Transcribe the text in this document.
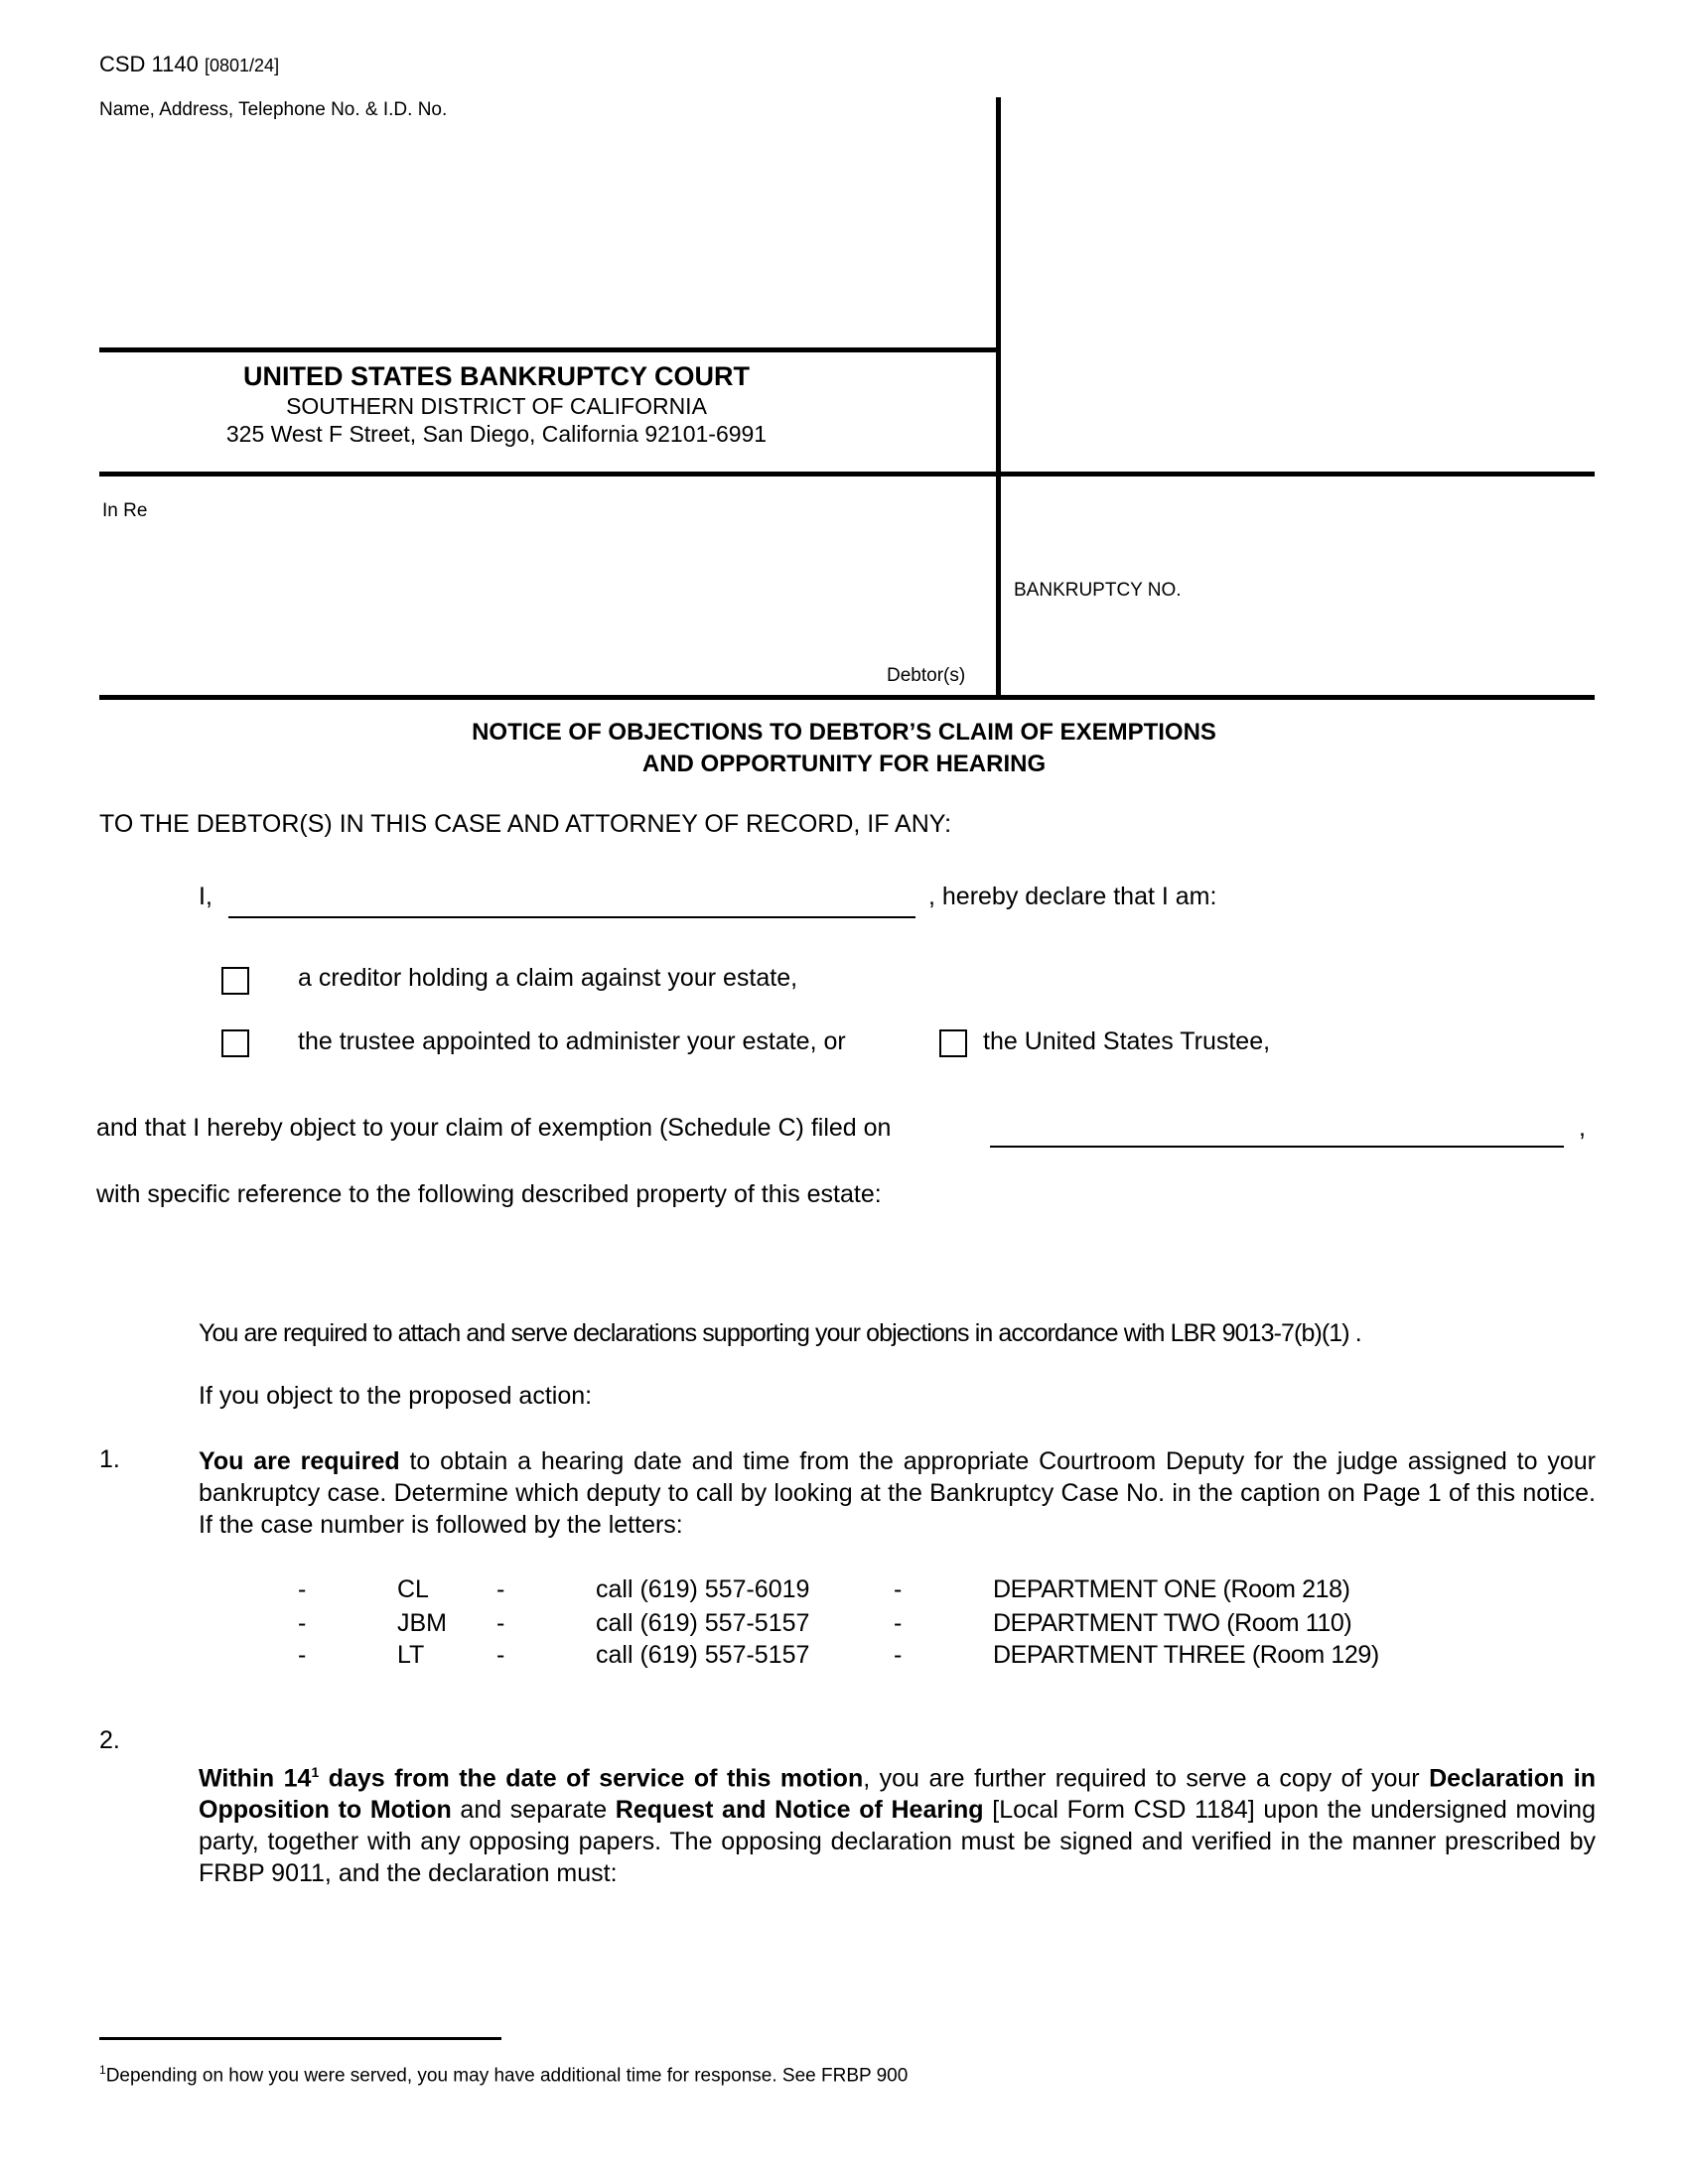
CSD 1140 [0801/24]
Name, Address, Telephone No. & I.D. No.
UNITED STATES BANKRUPTCY COURT
SOUTHERN DISTRICT OF CALIFORNIA
325 West F Street, San Diego, California 92101-6991
In Re
Debtor(s)
BANKRUPTCY NO.
NOTICE OF OBJECTIONS TO DEBTOR’S CLAIM OF EXEMPTIONS
AND OPPORTUNITY FOR HEARING
TO THE DEBTOR(S) IN THIS CASE AND ATTORNEY OF RECORD, IF ANY:
I,	, hereby declare that I am:
a creditor holding a claim against your estate,
the trustee appointed to administer your estate, or	the United States Trustee,
and that I hereby object to your claim of exemption (Schedule C) filed on	,
with specific reference to the following described property of this estate:
You are required to attach and serve declarations supporting your objections in accordance with LBR 9013-7(b)(1) .
If you object to the proposed action:
1.	You are required to obtain a hearing date and time from the appropriate Courtroom Deputy for the judge assigned to your bankruptcy case. Determine which deputy to call by looking at the Bankruptcy Case No. in the caption on Page 1 of this notice. If the case number is followed by the letters:
-	CL	-	call (619) 557-6019	-	DEPARTMENT ONE (Room 218)
-	JBM -	call (619) 557-5157	-	DEPARTMENT TWO (Room 110)
-	LT	-	call (619) 557-5157	-	DEPARTMENT THREE (Room 129)
2.
Within $14^1$ days from the date of service of this motion, you are further required to serve a copy of your Declaration in Opposition to Motion and separate Request and Notice of Hearing [Local Form CSD 1184] upon the undersigned moving party, together with any opposing papers. The opposing declaration must be signed and verified in the manner prescribed by FRBP 9011, and the declaration must:
$^1$Depending on how you were served, you may have additional time for response. See FRBP 900
